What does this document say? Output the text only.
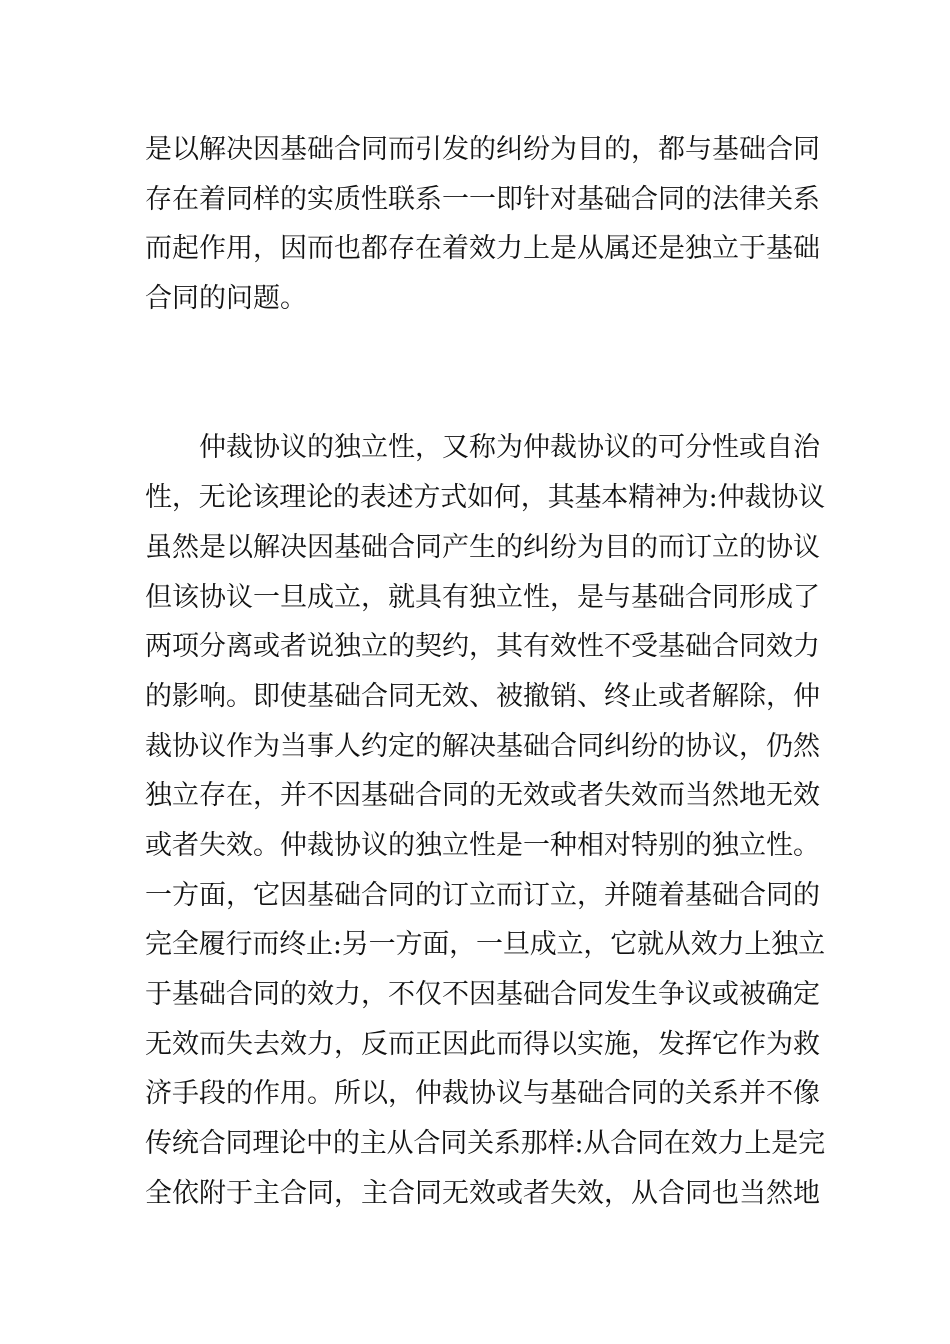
是以解决因基础合同而引发的纠纷为目的，都与基础合同
存在着同样的实质性联系一一即针对基础合同的法律关系
而起作用，因而也都存在着效力上是从属还是独立于基础
合同的问题。
　　仲裁协议的独立性，又称为仲裁协议的可分性或自治
性，无论该理论的表述方式如何，其基本精神为:仲裁协议
虽然是以解决因基础合同产生的纠纷为目的而订立的协议
但该协议一旦成立，就具有独立性，是与基础合同形成了
两项分离或者说独立的契约，其有效性不受基础合同效力
的影响。即使基础合同无效、被撤销、终止或者解除，仲
裁协议作为当事人约定的解决基础合同纠纷的协议，仍然
独立存在，并不因基础合同的无效或者失效而当然地无效
或者失效。仲裁协议的独立性是一种相对特别的独立性。
一方面，它因基础合同的订立而订立，并随着基础合同的
完全履行而终止:另一方面，一旦成立，它就从效力上独立
于基础合同的效力，不仅不因基础合同发生争议或被确定
无效而失去效力，反而正因此而得以实施，发挥它作为救
济手段的作用。所以，仲裁协议与基础合同的关系并不像
传统合同理论中的主从合同关系那样:从合同在效力上是完
全依附于主合同，主合同无效或者失效，从合同也当然地
